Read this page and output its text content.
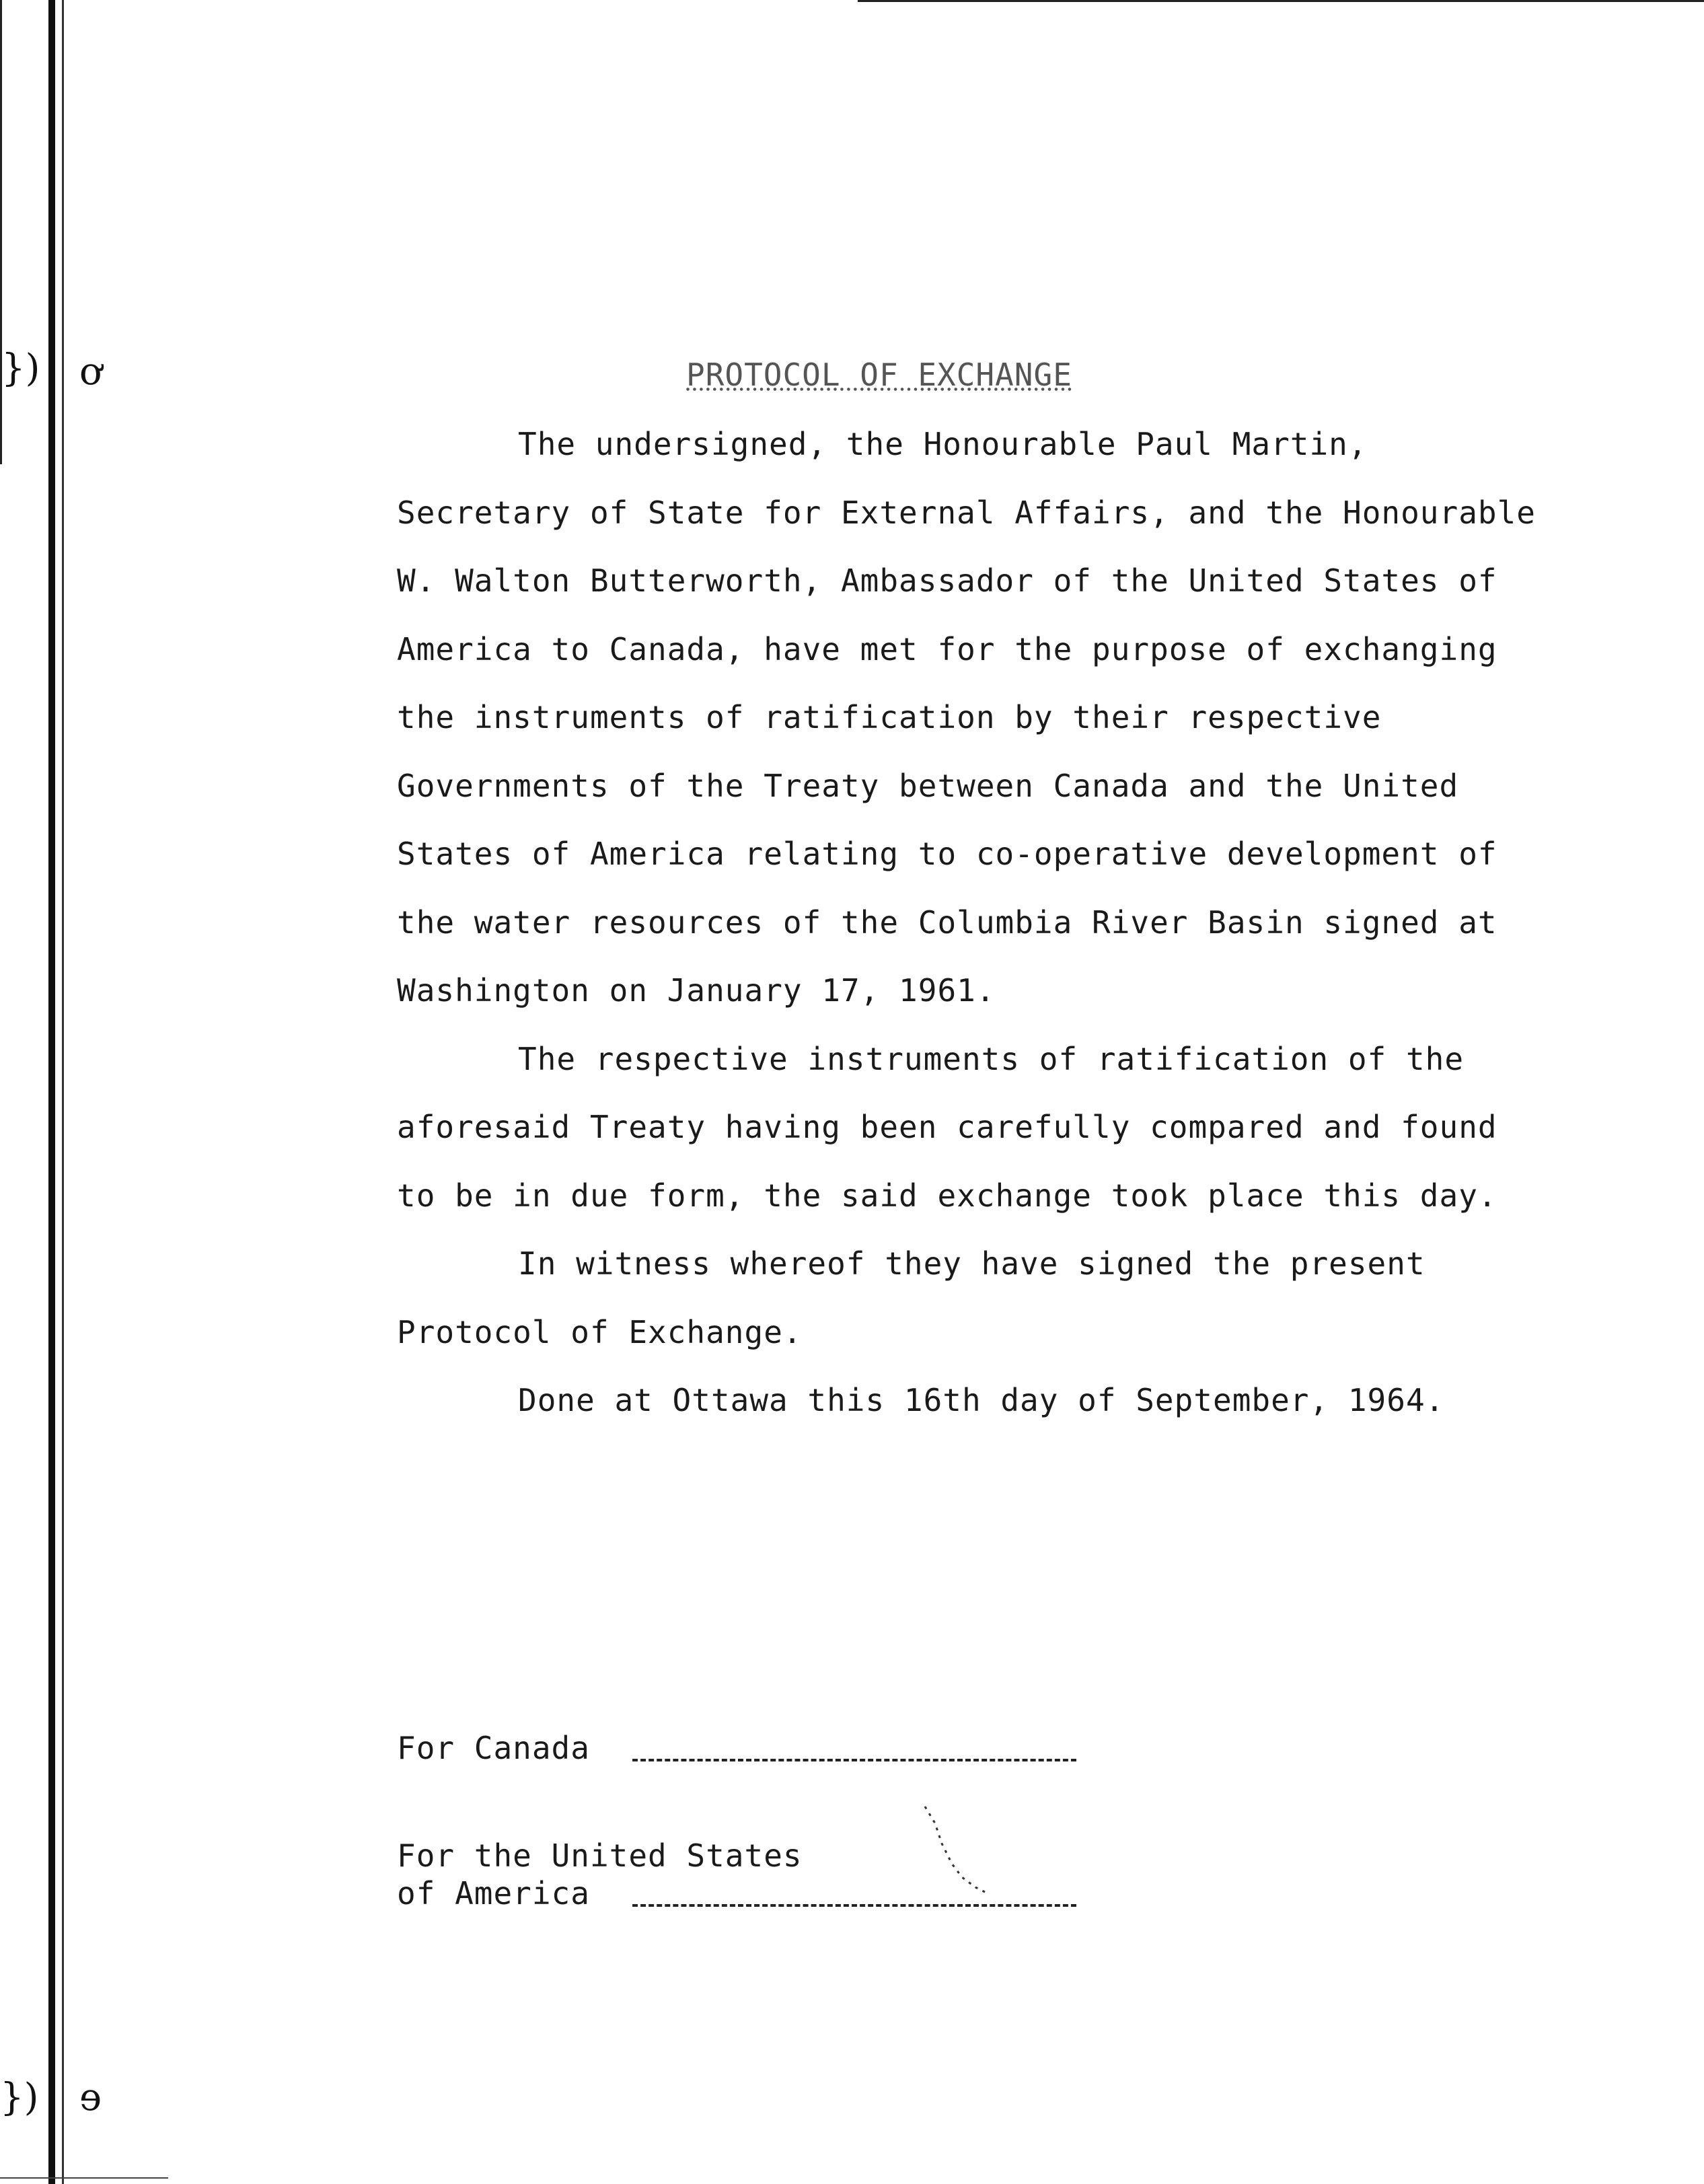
}) ơ
}) ɘ
PROTOCOL OF EXCHANGE

The undersigned, the Honourable Paul Martin, Secretary of State for External Affairs, and the Honourable W. Walton Butterworth, Ambassador of the United States of America to Canada, have met for the purpose of exchanging the instruments of ratification by their respective Governments of the Treaty between Canada and the United States of America relating to co-operative development of the water resources of the Columbia River Basin signed at Washington on January 17, 1961.

The respective instruments of ratification of the aforesaid Treaty having been carefully compared and found to be in due form, the said exchange took place this day.

In witness whereof they have signed the present Protocol of Exchange.

Done at Ottawa this 16th day of September, 1964.

For Canada
For the United States
of America
